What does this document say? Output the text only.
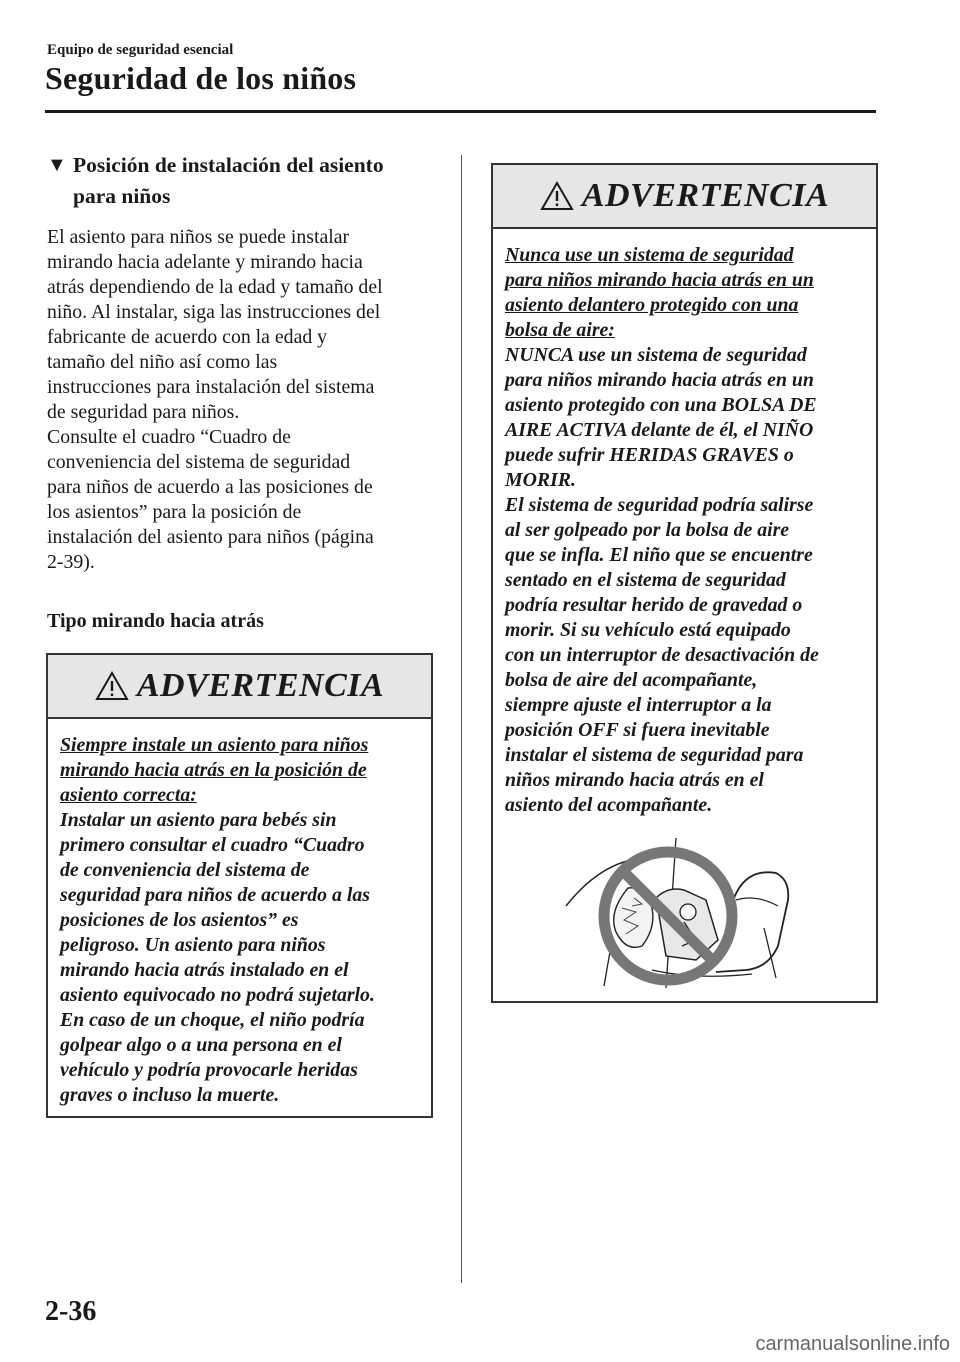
Equipo de seguridad esencial
Seguridad de los niños
▼ Posición de instalación del asiento
para niños
El asiento para niños se puede instalar
mirando hacia adelante y mirando hacia
atrás dependiendo de la edad y tamaño del
niño. Al instalar, siga las instrucciones del
fabricante de acuerdo con la edad y
tamaño del niño así como las
instrucciones para instalación del sistema
de seguridad para niños.
Consulte el cuadro “Cuadro de
conveniencia del sistema de seguridad
para niños de acuerdo a las posiciones de
los asientos” para la posición de
instalación del asiento para niños (página
2-39).
Tipo mirando hacia atrás
ADVERTENCIA
Siempre instale un asiento para niños
mirando hacia atrás en la posición de
asiento correcta:
Instalar un asiento para bebés sin
primero consultar el cuadro “Cuadro
de conveniencia del sistema de
seguridad para niños de acuerdo a las
posiciones de los asientos” es
peligroso. Un asiento para niños
mirando hacia atrás instalado en el
asiento equivocado no podrá sujetarlo.
En caso de un choque, el niño podría
golpear algo o a una persona en el
vehículo y podría provocarle heridas
graves o incluso la muerte.
ADVERTENCIA
Nunca use un sistema de seguridad
para niños mirando hacia atrás en un
asiento delantero protegido con una
bolsa de aire:
NUNCA use un sistema de seguridad
para niños mirando hacia atrás en un
asiento protegido con una BOLSA DE
AIRE ACTIVA delante de él, el NIÑO
puede sufrir HERIDAS GRAVES o
MORIR.
El sistema de seguridad podría salirse
al ser golpeado por la bolsa de aire
que se infla. El niño que se encuentre
sentado en el sistema de seguridad
podría resultar herido de gravedad o
morir. Si su vehículo está equipado
con un interruptor de desactivación de
bolsa de aire del acompañante,
siempre ajuste el interruptor a la
posición OFF si fuera inevitable
instalar el sistema de seguridad para
niños mirando hacia atrás en el
asiento del acompañante.
2-36
carmanualsonline.info
